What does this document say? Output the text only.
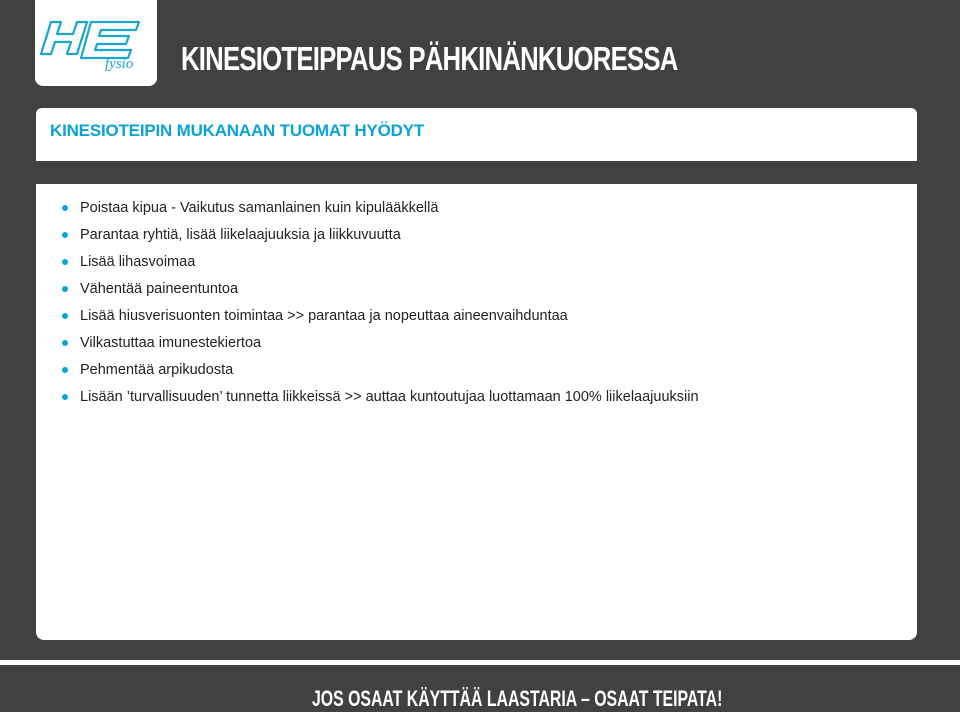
fysio KINESIOTEIPPAUS PÄHKINÄNKUORESSA
KINESIOTEIPIN MUKANAAN TUOMAT HYÖDYT
Poistaa kipua - Vaikutus samanlainen kuin kipulääkkellä
Parantaa ryhtiä, lisää liikelaajuuksia ja liikkuvuutta
Lisää lihasvoimaa
Vähentää paineentuntoa
Lisää hiusverisuonten toimintaa >> parantaa ja nopeuttaa aineenvaihduntaa
Vilkastuttaa imunestekiertoa
Pehmentää arpikudosta
Lisään ’turvallisuuden’ tunnetta liikkeissä >> auttaa kuntoutujaa luottamaan 100% liikelaajuuksiin
JOS OSAAT KÄYTTÄÄ LAASTARIA – OSAAT TEIPATA!
